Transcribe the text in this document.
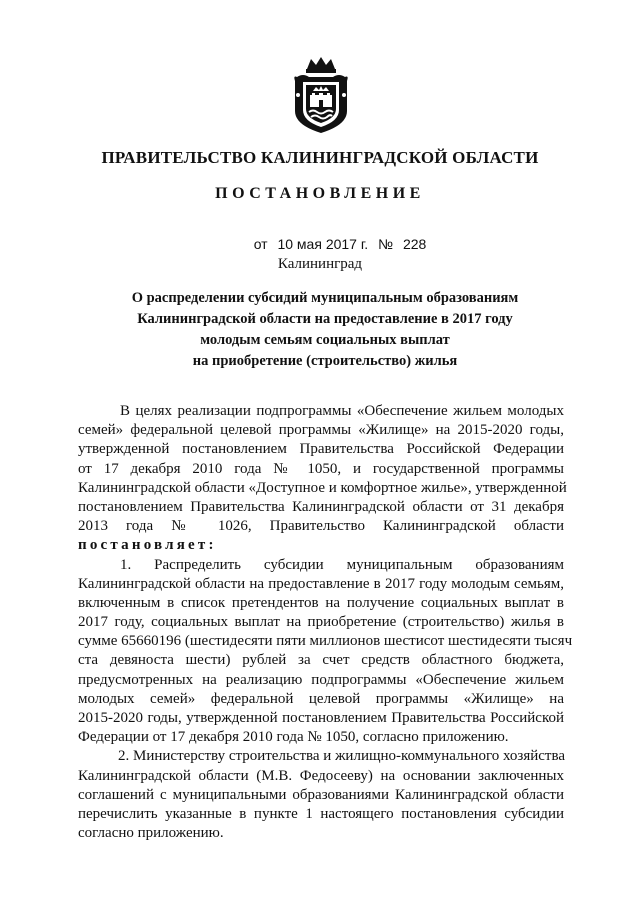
ПРАВИТЕЛЬСТВО КАЛИНИНГРАДСКОЙ ОБЛАСТИ
ПОСТАНОВЛЕНИЕ
от 10 мая 2017 г. № 228
Калининград
О распределении субсидий муниципальным образованиям
Калининградской области на предоставление в 2017 году
молодым семьям социальных выплат
на приобретение (строительство) жилья
В целях реализации подпрограммы «Обеспечение жильем молодых
семей» федеральной целевой программы «Жилище» на 2015-2020 годы,
утвержденной постановлением Правительства Российской Федерации
от 17 декабря 2010 года № 1050, и государственной программы
Калининградской области «Доступное и комфортное жилье», утвержденной
постановлением Правительства Калининградской области от 31 декабря
2013 года № 1026, Правительство Калининградской области
постановляет:
1. Распределить субсидии муниципальным образованиям
Калининградской области на предоставление в 2017 году молодым семьям,
включенным в список претендентов на получение социальных выплат в
2017 году, социальных выплат на приобретение (строительство) жилья в
сумме 65660196 (шестидесяти пяти миллионов шестисот шестидесяти тысяч
ста девяноста шести) рублей за счет средств областного бюджета,
предусмотренных на реализацию подпрограммы «Обеспечение жильем
молодых семей» федеральной целевой программы «Жилище» на
2015-2020 годы, утвержденной постановлением Правительства Российской
Федерации от 17 декабря 2010 года № 1050, согласно приложению.
2. Министерству строительства и жилищно-коммунального хозяйства
Калининградской области (М.В. Федосееву) на основании заключенных
соглашений с муниципальными образованиями Калининградской области
перечислить указанные в пункте 1 настоящего постановления субсидии
согласно приложению.
